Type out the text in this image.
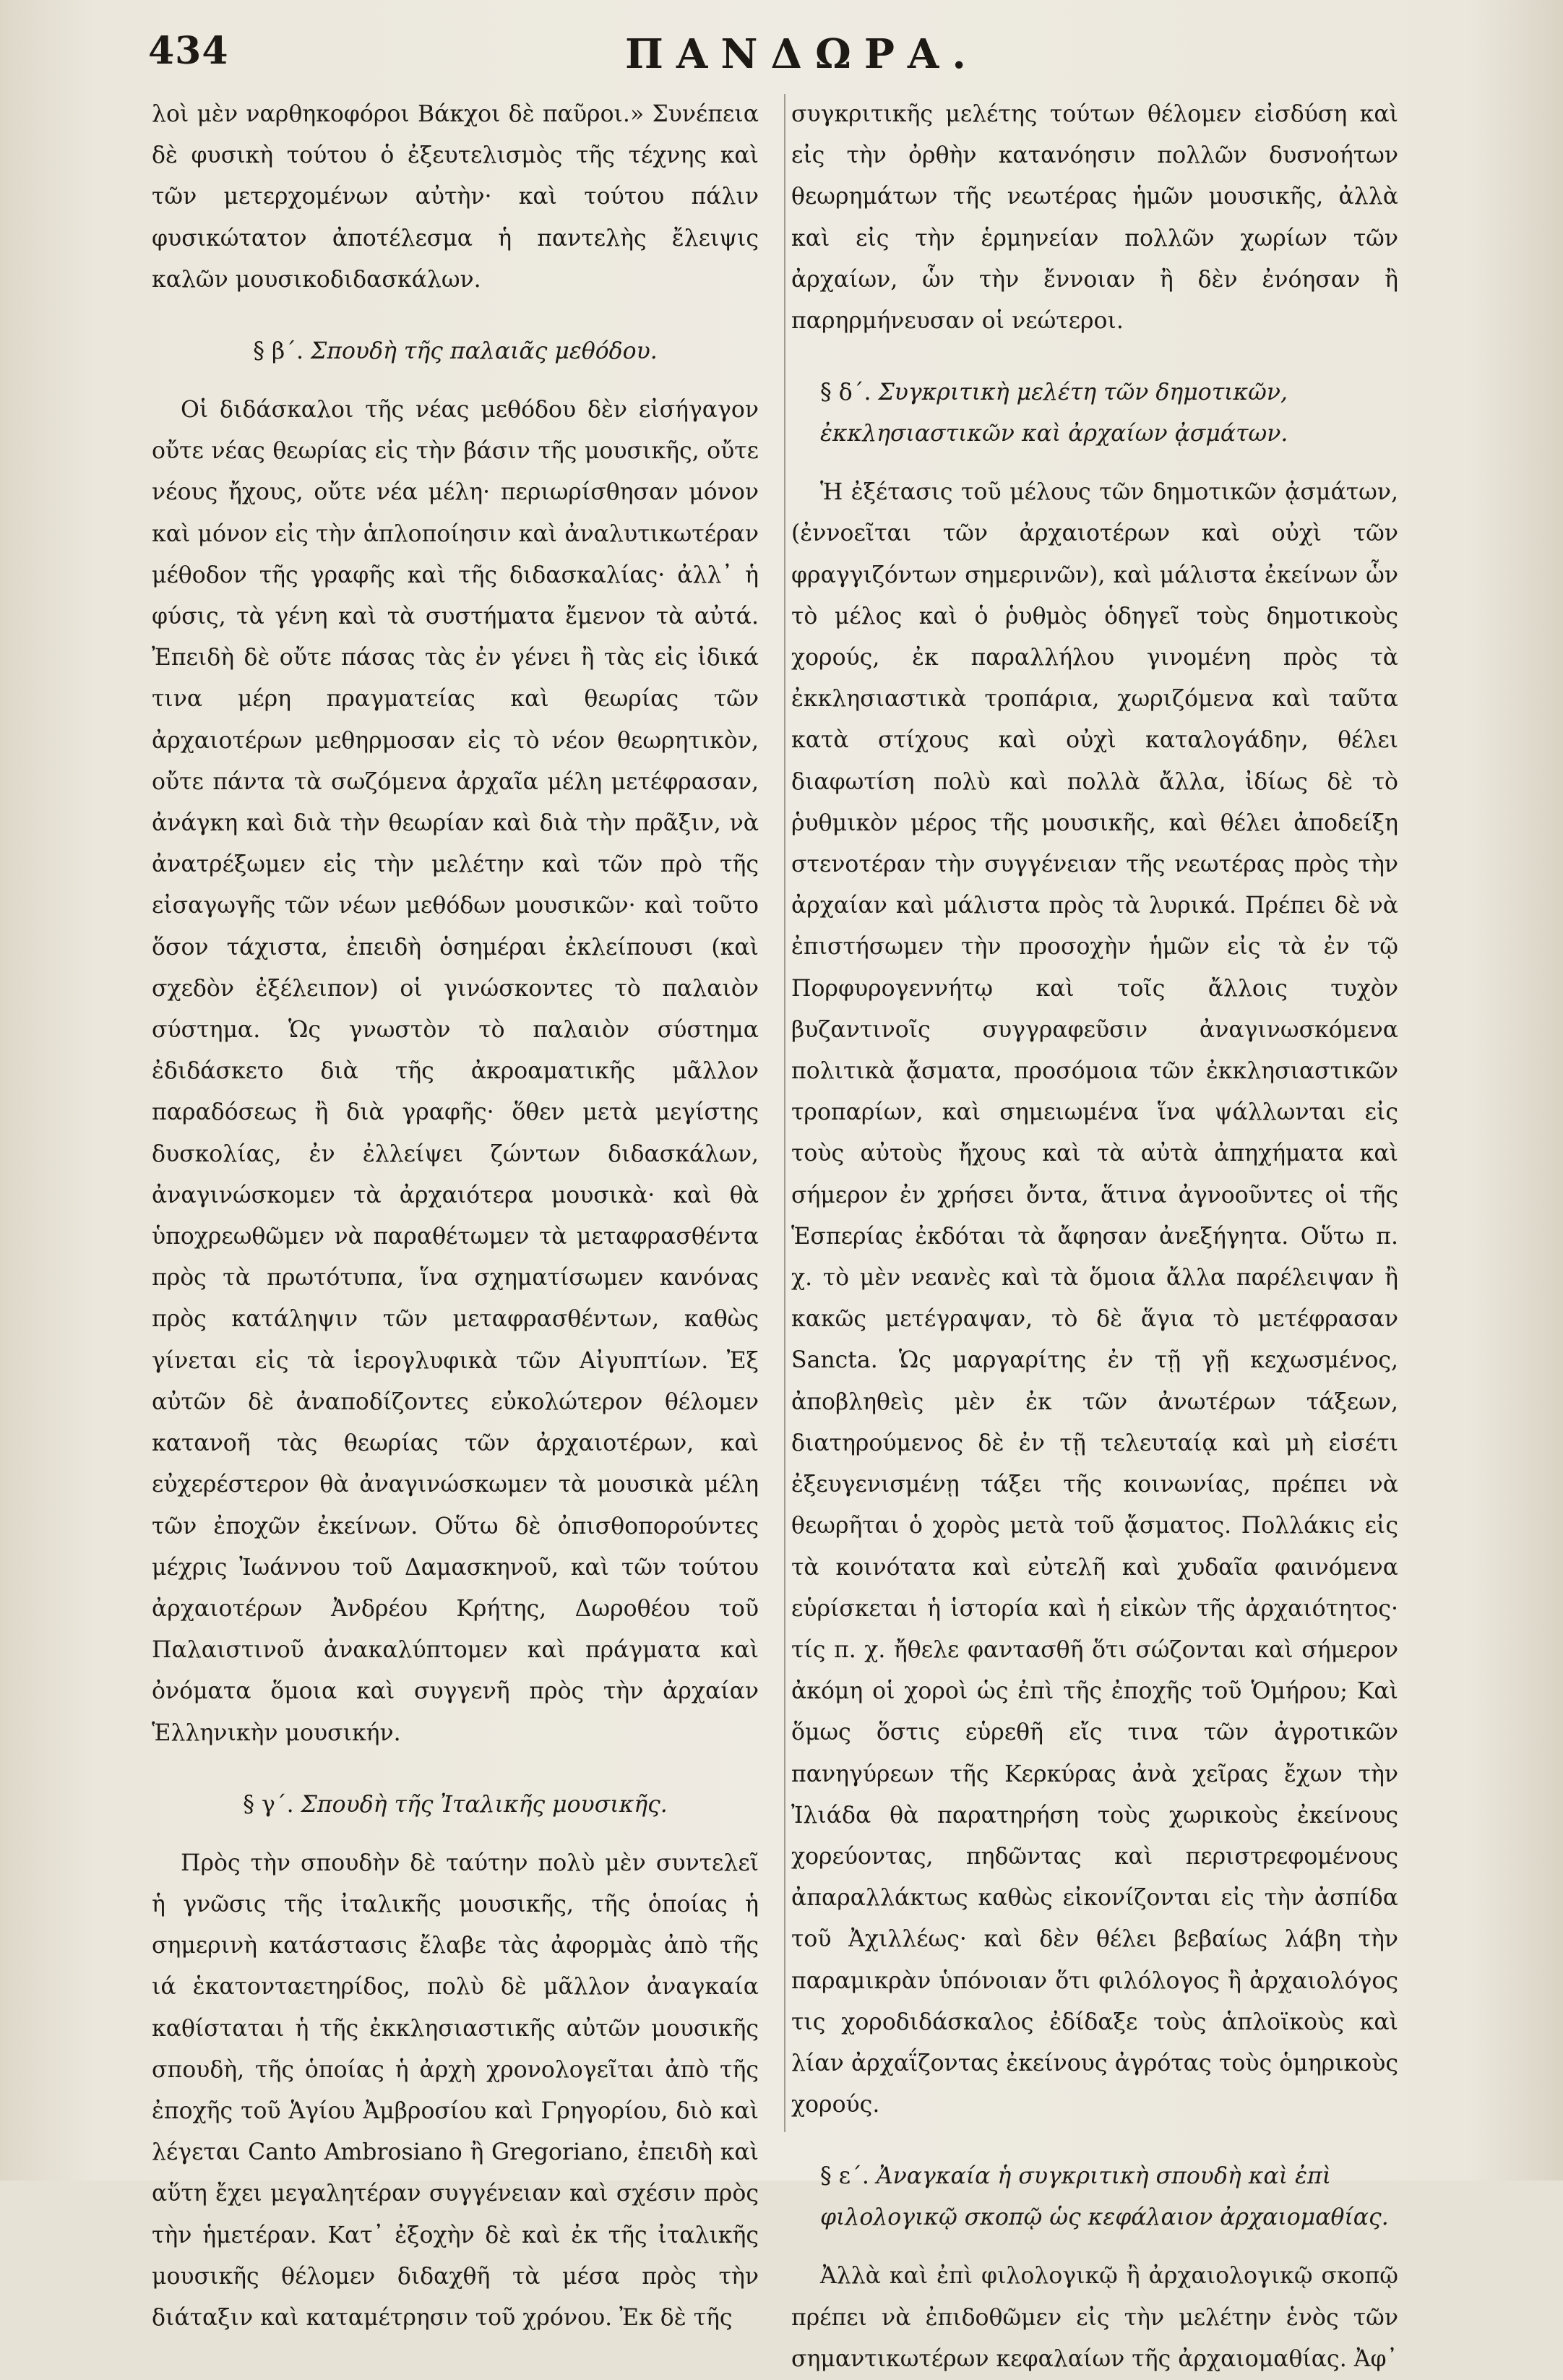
434	ΠΑΝΔΩΡΑ.

λοὶ μὲν ναρθηκοφόροι Βάκχοι δὲ παῦροι.» Συνέπεια δὲ φυσικὴ τούτου ὁ ἐξευτελισμὸς τῆς τέχνης καὶ τῶν μετερχομένων αὐτὴν· καὶ τούτου πάλιν φυσικώτατον ἀποτέλεσμα ἡ παντελὴς ἔλειψις καλῶν μουσικοδιδασκάλων.

§ β΄. Σπουδὴ τῆς παλαιᾶς μεθόδου.

Οἱ διδάσκαλοι τῆς νέας μεθόδου δὲν εἰσήγαγον οὔτε νέας θεωρίας εἰς τὴν βάσιν τῆς μουσικῆς, οὔτε νέους ἤχους, οὔτε νέα μέλη· περιωρίσθησαν μόνον καὶ μόνον εἰς τὴν ἁπλοποίησιν καὶ ἀναλυτικωτέραν μέθοδον τῆς γραφῆς καὶ τῆς διδασκαλίας· ἀλλ᾽ ἡ φύσις, τὰ γένη καὶ τὰ συστήματα ἔμενον τὰ αὐτά. Ἐπειδὴ δὲ οὔτε πάσας τὰς ἐν γένει ἢ τὰς εἰς ἰδικά τινα μέρη πραγματείας καὶ θεωρίας τῶν ἀρχαιοτέρων μεθηρμοσαν εἰς τὸ νέον θεωρητικὸν, οὔτε πάντα τὰ σωζόμενα ἀρχαῖα μέλη μετέφρασαν, ἀνάγκη καὶ διὰ τὴν θεωρίαν καὶ διὰ τὴν πρᾶξιν, νὰ ἀνατρέξωμεν εἰς τὴν μελέτην καὶ τῶν πρὸ τῆς εἰσαγωγῆς τῶν νέων μεθόδων μουσικῶν· καὶ τοῦτο ὅσον τάχιστα, ἐπειδὴ ὁσημέραι ἐκλείπουσι (καὶ σχεδὸν ἐξέλειπον) οἱ γινώσκοντες τὸ παλαιὸν σύστημα. Ὡς γνωστὸν τὸ παλαιὸν σύστημα ἐδιδάσκετο διὰ τῆς ἀκροαματικῆς μᾶλλον παραδόσεως ἢ διὰ γραφῆς· ὅθεν μετὰ μεγίστης δυσκολίας, ἐν ἐλλείψει ζώντων διδασκάλων, ἀναγινώσκομεν τὰ ἀρχαιότερα μουσικὰ· καὶ θὰ ὑποχρεωθῶμεν νὰ παραθέτωμεν τὰ μεταφρασθέντα πρὸς τὰ πρωτότυπα, ἵνα σχηματίσωμεν κανόνας πρὸς κατάληψιν τῶν μεταφρασθέντων, καθὼς γίνεται εἰς τὰ ἱερογλυφικὰ τῶν Αἰγυπτίων. Ἐξ αὐτῶν δὲ ἀναποδίζοντες εὐκολώτερον θέλομεν κατανοῆ τὰς θεωρίας τῶν ἀρχαιοτέρων, καὶ εὐχερέστερον θὰ ἀναγινώσκωμεν τὰ μουσικὰ μέλη τῶν ἐποχῶν ἐκείνων. Οὕτω δὲ ὀπισθοπορούντες μέχρις Ἰωάννου τοῦ Δαμασκηνοῦ, καὶ τῶν τούτου ἀρχαιοτέρων Ἀνδρέου Κρήτης, Δωροθέου τοῦ Παλαιστινοῦ ἀνακαλύπτομεν καὶ πράγματα καὶ ὀνόματα ὅμοια καὶ συγγενῆ πρὸς τὴν ἀρχαίαν Ἑλληνικὴν μουσικήν.

§ γ΄. Σπουδὴ τῆς Ἰταλικῆς μουσικῆς.

Πρὸς τὴν σπουδὴν δὲ ταύτην πολὺ μὲν συντελεῖ ἡ γνῶσις τῆς ἰταλικῆς μουσικῆς, τῆς ὁποίας ἡ σημερινὴ κατάστασις ἔλαβε τὰς ἀφορμὰς ἀπὸ τῆς ιά ἑκατονταετηρίδος, πολὺ δὲ μᾶλλον ἀναγκαία καθίσταται ἡ τῆς ἐκκλησιαστικῆς αὐτῶν μουσικῆς σπουδὴ, τῆς ὁποίας ἡ ἀρχὴ χρονολογεῖται ἀπὸ τῆς ἐποχῆς τοῦ Ἁγίου Ἀμβροσίου καὶ Γρηγορίου, διὸ καὶ λέγεται Canto Ambrosiano ἢ Gregoriano, ἐπειδὴ καὶ αὕτη ἔχει μεγαλητέραν συγγένειαν καὶ σχέσιν πρὸς τὴν ἡμετέραν. Κατ᾽ ἐξοχὴν δὲ καὶ ἐκ τῆς ἰταλικῆς μουσικῆς θέλομεν διδαχθῆ τὰ μέσα πρὸς τὴν διάταξιν καὶ καταμέτρησιν τοῦ χρόνου. Ἐκ δὲ τῆς

συγκριτικῆς μελέτης τούτων θέλομεν εἰσδύση καὶ εἰς τὴν ὀρθὴν κατανόησιν πολλῶν δυσνοήτων θεωρημάτων τῆς νεωτέρας ἡμῶν μουσικῆς, ἀλλὰ καὶ εἰς τὴν ἑρμηνείαν πολλῶν χωρίων τῶν ἀρχαίων, ὧν τὴν ἔννοιαν ἢ δὲν ἐνόησαν ἢ παρηρμήνευσαν οἱ νεώτεροι.

§ δ΄. Συγκριτικὴ μελέτη τῶν δημοτικῶν, ἐκκλησιαστικῶν καὶ ἀρχαίων ᾀσμάτων.

Ἡ ἐξέτασις τοῦ μέλους τῶν δημοτικῶν ᾀσμάτων, (ἐννοεῖται τῶν ἀρχαιοτέρων καὶ οὐχὶ τῶν φραγγιζόντων σημερινῶν), καὶ μάλιστα ἐκείνων ὧν τὸ μέλος καὶ ὁ ῥυθμὸς ὁδηγεῖ τοὺς δημοτικοὺς χορούς, ἐκ παραλλήλου γινομένη πρὸς τὰ ἐκκλησιαστικὰ τροπάρια, χωριζόμενα καὶ ταῦτα κατὰ στίχους καὶ οὐχὶ καταλογάδην, θέλει διαφωτίση πολὺ καὶ πολλὰ ἄλλα, ἰδίως δὲ τὸ ῥυθμικὸν μέρος τῆς μουσικῆς, καὶ θέλει ἀποδείξη στενοτέραν τὴν συγγένειαν τῆς νεωτέρας πρὸς τὴν ἀρχαίαν καὶ μάλιστα πρὸς τὰ λυρικά. Πρέπει δὲ νὰ ἐπιστήσωμεν τὴν προσοχὴν ἡμῶν εἰς τὰ ἐν τῷ Πορφυρογεννήτῳ καὶ τοῖς ἄλλοις τυχὸν βυζαντινοῖς συγγραφεῦσιν ἀναγινωσκόμενα πολιτικὰ ᾄσματα, προσόμοια τῶν ἐκκλησιαστικῶν τροπαρίων, καὶ σημειωμένα ἵνα ψάλλωνται εἰς τοὺς αὐτοὺς ἤχους καὶ τὰ αὐτὰ ἀπηχήματα καὶ σήμερον ἐν χρήσει ὄντα, ἅτινα ἀγνοοῦντες οἱ τῆς Ἑσπερίας ἐκδόται τὰ ἄφησαν ἀνεξήγητα. Οὕτω π. χ. τὸ μὲν νεανὲς καὶ τὰ ὅμοια ἄλλα παρέλειψαν ἢ κακῶς μετέγραψαν, τὸ δὲ ἅγια τὸ μετέφρασαν Sancta. Ὡς μαργαρίτης ἐν τῇ γῇ κεχωσμένος, ἀποβληθεὶς μὲν ἐκ τῶν ἀνωτέρων τάξεων, διατηρούμενος δὲ ἐν τῇ τελευταίᾳ καὶ μὴ εἰσέτι ἐξευγενισμένῃ τάξει τῆς κοινωνίας, πρέπει νὰ θεωρῆται ὁ χορὸς μετὰ τοῦ ᾄσματος. Πολλάκις εἰς τὰ κοινότατα καὶ εὐτελῆ καὶ χυδαῖα φαινόμενα εὑρίσκεται ἡ ἱστορία καὶ ἡ εἰκὼν τῆς ἀρχαιότητος· τίς π. χ. ἤθελε φαντασθῆ ὅτι σώζονται καὶ σήμερον ἀκόμη οἱ χοροὶ ὡς ἐπὶ τῆς ἐποχῆς τοῦ Ὁμήρου; Καὶ ὅμως ὅστις εὑρεθῆ εἴς τινα τῶν ἀγροτικῶν πανηγύρεων τῆς Κερκύρας ἀνὰ χεῖρας ἔχων τὴν Ἰλιάδα θὰ παρατηρήση τοὺς χωρικοὺς ἐκείνους χορεύοντας, πηδῶντας καὶ περιστρεφομένους ἀπαραλλάκτως καθὼς εἰκονίζονται εἰς τὴν ἀσπίδα τοῦ Ἀχιλλέως· καὶ δὲν θέλει βεβαίως λάβη τὴν παραμικρὰν ὑπόνοιαν ὅτι φιλόλογος ἢ ἀρχαιολόγος τις χοροδιδάσκαλος ἐδίδαξε τοὺς ἁπλοϊκοὺς καὶ λίαν ἀρχαΐζοντας ἐκείνους ἀγρότας τοὺς ὁμηρικοὺς χορούς.

§ ε΄. Ἀναγκαία ἡ συγκριτικὴ σπουδὴ καὶ ἐπὶ φιλολογικῷ σκοπῷ ὡς κεφάλαιον ἀρχαιομαθίας.

Ἀλλὰ καὶ ἐπὶ φιλολογικῷ ἢ ἀρχαιολογικῷ σκοπῷ πρέπει νὰ ἐπιδοθῶμεν εἰς τὴν μελέτην ἑνὸς τῶν σημαντικωτέρων κεφαλαίων τῆς ἀρχαιομαθίας. Ἀφ᾽
